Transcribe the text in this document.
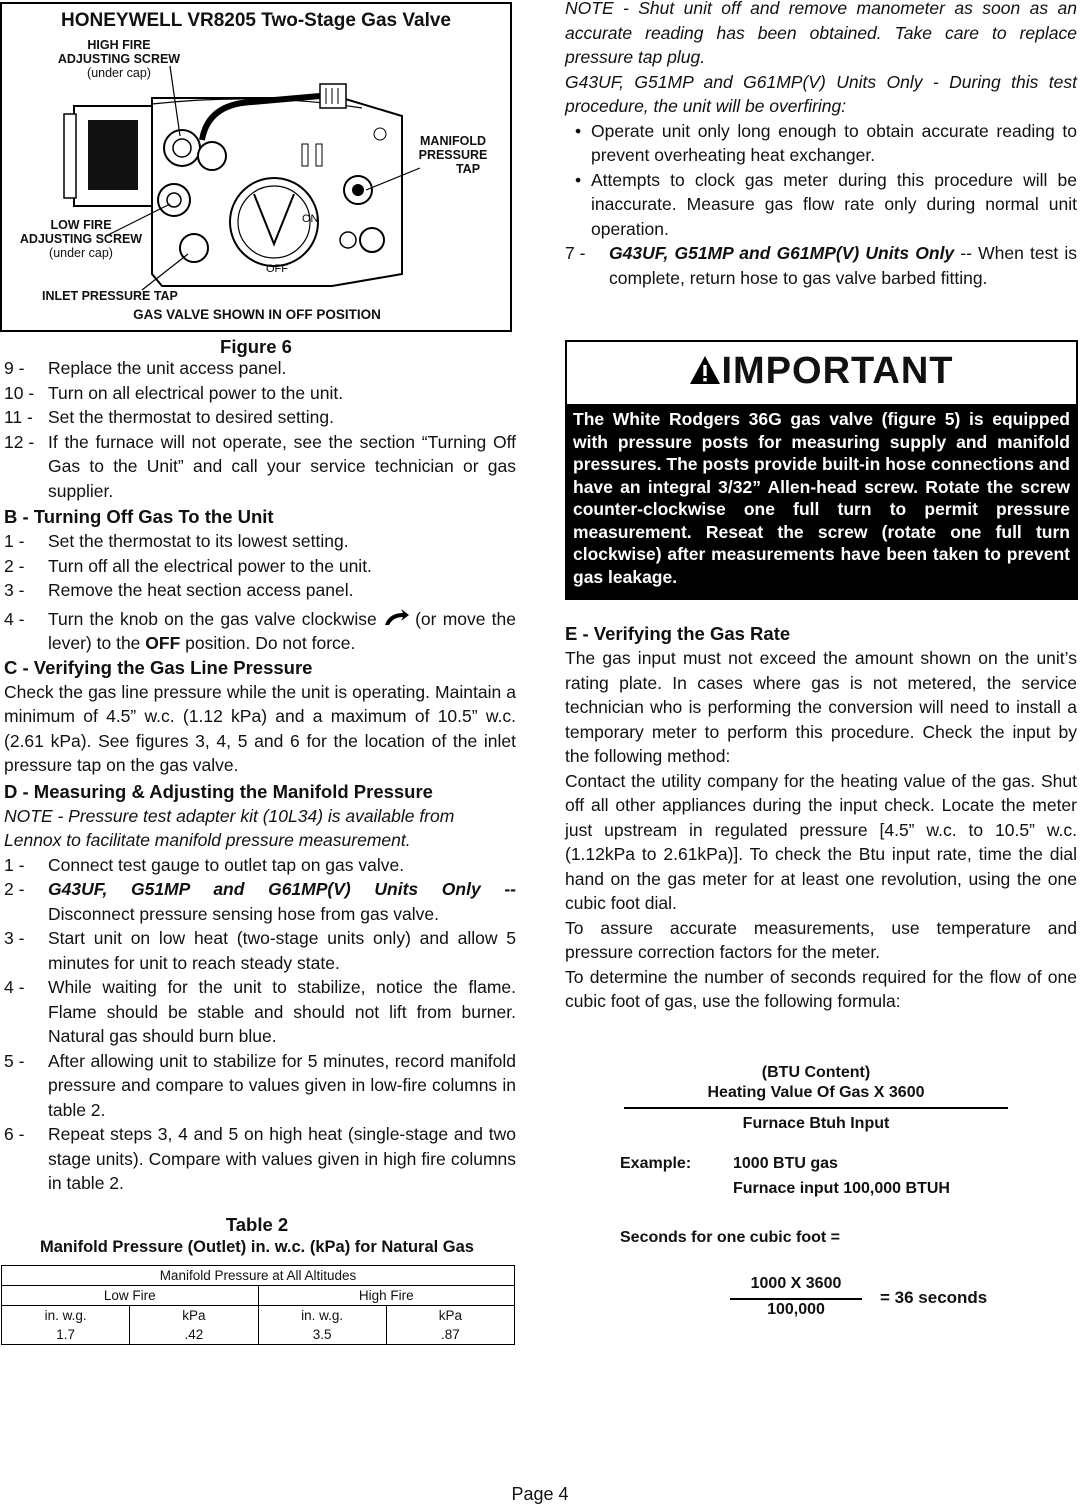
HONEYWELL VR8205 Two-Stage Gas Valve
ON
OFF
HIGH FIRE
ADJUSTING SCREW
(under cap)
MANIFOLD
PRESSURE
TAP
LOW FIRE
ADJUSTING SCREW
(under cap)
INLET PRESSURE TAP
GAS VALVE SHOWN IN OFF POSITION
Figure 6
9 -	Replace the unit access panel.
10 - Turn on all electrical power to the unit.
11 - Set the thermostat to desired setting.
12 - If the furnace will not operate, see the section “Turning Off Gas to the Unit” and call your service technician or gas supplier.
B - Turning Off Gas To the Unit
1 -	Set the thermostat to its lowest setting.
2 -	Turn off all the electrical power to the unit.
3 -	Remove the heat section access panel.
4 -	Turn the knob on the gas valve clockwise (or move the lever) to the OFF position. Do not force.
C - Verifying the Gas Line Pressure
Check the gas line pressure while the unit is operating. Maintain a minimum of 4.5” w.c. (1.12 kPa) and a maximum of 10.5” w.c. (2.61 kPa). See figures 3, 4, 5 and 6 for the location of the inlet pressure tap on the gas valve.
D - Measuring & Adjusting the Manifold Pressure
NOTE - Pressure test adapter kit (10L34) is available from Lennox to facilitate manifold pressure measurement.
1 -	Connect test gauge to outlet tap on gas valve.
2 -	G43UF, G51MP and G61MP(V) Units Only --
Disconnect pressure sensing hose from gas valve.
3 -	Start unit on low heat (two-stage units only) and allow 5 minutes for unit to reach steady state.
4 -	While waiting for the unit to stabilize, notice the flame. Flame should be stable and should not lift from burner. Natural gas should burn blue.
5 -	After allowing unit to stabilize for 5 minutes, record manifold pressure and compare to values given in low-fire columns in table 2.
6 -	Repeat steps 3, 4 and 5 on high heat (single-stage and two stage units). Compare with values given in high fire columns in table 2.
Table 2
Manifold Pressure (Outlet) in. w.c. (kPa) for Natural Gas
Manifold Pressure at All Altitudes			
Low Fire		High Fire	
in. w.g.	kPa	in. w.g.	kPa
1.7	.42	3.5	.87
NOTE - Shut unit off and remove manometer as soon as an accurate reading has been obtained. Take care to replace pressure tap plug.
G43UF, G51MP and G61MP(V) Units Only - During this test procedure, the unit will be overfiring:
• Operate unit only long enough to obtain accurate reading to prevent overheating heat exchanger.
• Attempts to clock gas meter during this procedure will be inaccurate. Measure gas flow rate only during normal unit operation.
7 -	G43UF, G51MP and G61MP(V) Units Only -- When test is complete, return hose to gas valve barbed fitting.
IMPORTANT
The White Rodgers 36G gas valve (figure 5) is equipped with pressure posts for measuring supply and manifold pressures. The posts provide built-in hose connections and have an integral 3/32” Allen-head screw. Rotate the screw counter-clockwise one full turn to permit pressure measurement. Reseat the screw (rotate one full turn clockwise) after measurements have been taken to prevent gas leakage.
E - Verifying the Gas Rate
The gas input must not exceed the amount shown on the unit’s rating plate. In cases where gas is not metered, the service technician who is performing the conversion will need to install a temporary meter to perform this procedure. Check the input by the following method:
Contact the utility company for the heating value of the gas. Shut off all other appliances during the input check. Locate the meter just upstream in regulated pressure [4.5” w.c. to 10.5” w.c. (1.12kPa to 2.61kPa)]. To check the Btu input rate, time the dial hand on the gas meter for at least one revolution, using the one cubic foot dial.
To assure accurate measurements, use temperature and pressure correction factors for the meter.
To determine the number of seconds required for the flow of one cubic foot of gas, use the following formula:
(BTU Content)
Heating Value Of Gas X 3600
Furnace Btuh Input
Example:	1000 BTU gas
Furnace input 100,000 BTUH
Seconds for one cubic foot =
1000 X 3600
100,000
= 36 seconds
Page 4
